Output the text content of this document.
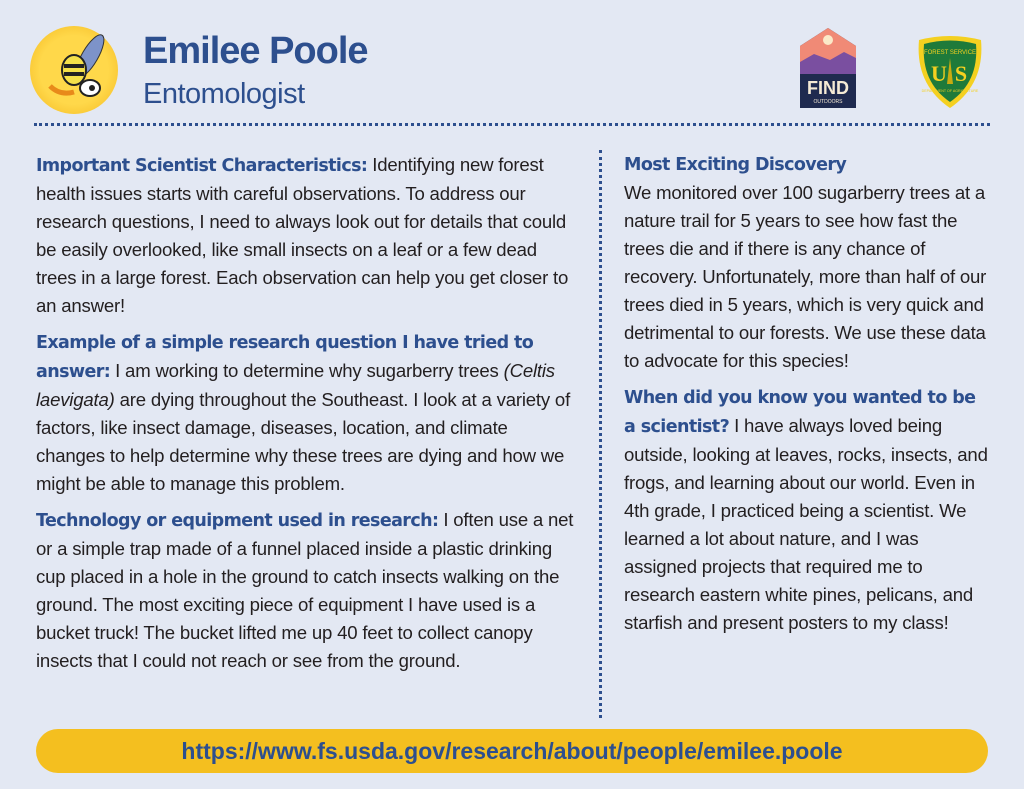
Emilee Poole
Entomologist	FIND
OUTDOORS
FOREST SERVICE
US
DEPARTMENT OF AGRICULTURE

Important Scientist Characteristics: Identifying new forest health issues starts with careful observations. To address our research questions, I need to always look out for details that could be easily overlooked, like small insects on a leaf or a few dead trees in a large forest. Each observation can help you get closer to an answer!

Example of a simple research question I have tried to answer: I am working to determine why sugarberry trees (Celtis laevigata) are dying throughout the Southeast. I look at a variety of factors, like insect damage, diseases, location, and climate changes to help determine why these trees are dying and how we might be able to manage this problem.

Technology or equipment used in research: I often use a net or a simple trap made of a funnel placed inside a plastic drinking cup placed in a hole in the ground to catch insects walking on the ground. The most exciting piece of equipment I have used is a bucket truck! The bucket lifted me up 40 feet to collect canopy insects that I could not reach or see from the ground.

Most Exciting Discovery
We monitored over 100 sugarberry trees at a nature trail for 5 years to see how fast the trees die and if there is any chance of recovery. Unfortunately, more than half of our trees died in 5 years, which is very quick and detrimental to our forests. We use these data to advocate for this species!

When did you know you wanted to be a scientist? I have always loved being outside, looking at leaves, rocks, insects, and frogs, and learning about our world. Even in 4th grade, I practiced being a scientist. We learned a lot about nature, and I was assigned projects that required me to research eastern white pines, pelicans, and starfish and present posters to my class!

https://www.fs.usda.gov/research/about/people/emilee.poole
